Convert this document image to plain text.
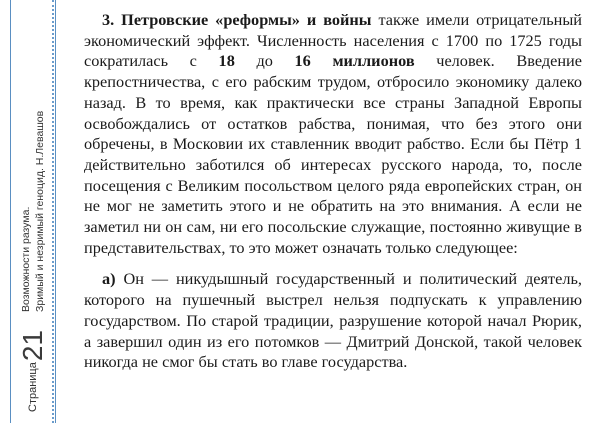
Страница
21
Возможности разума. Зримый и незримый геноцид. Н.Левашов

3. Петровские «реформы» и войны также имели отрицательный экономический эффект. Численность населения с 1700 по 1725 годы сократилась с 18 до 16 миллионов человек. Введение крепостничества, с его рабским трудом, отбросило экономику далеко назад. В то время, как практически все страны Западной Европы освобождались от остатков рабства, понимая, что без этого они обречены, в Московии их ставленник вводит рабство. Если бы Пётр 1 действительно заботился об интересах русского народа, то, после посещения с Великим посольством целого ряда европейских стран, он не мог не заметить этого и не обратить на это внимания. А если не заметил ни он сам, ни его посольские служащие, постоянно живущие в представительствах, то это может означать только следующее:

а) Он — никудышный государственный и политический деятель, которого на пушечный выстрел нельзя подпускать к управлению государством. По старой традиции, разрушение которой начал Рюрик, а завершил один из его потомков — Дмитрий Донской, такой человек никогда не смог бы стать во главе государства.
